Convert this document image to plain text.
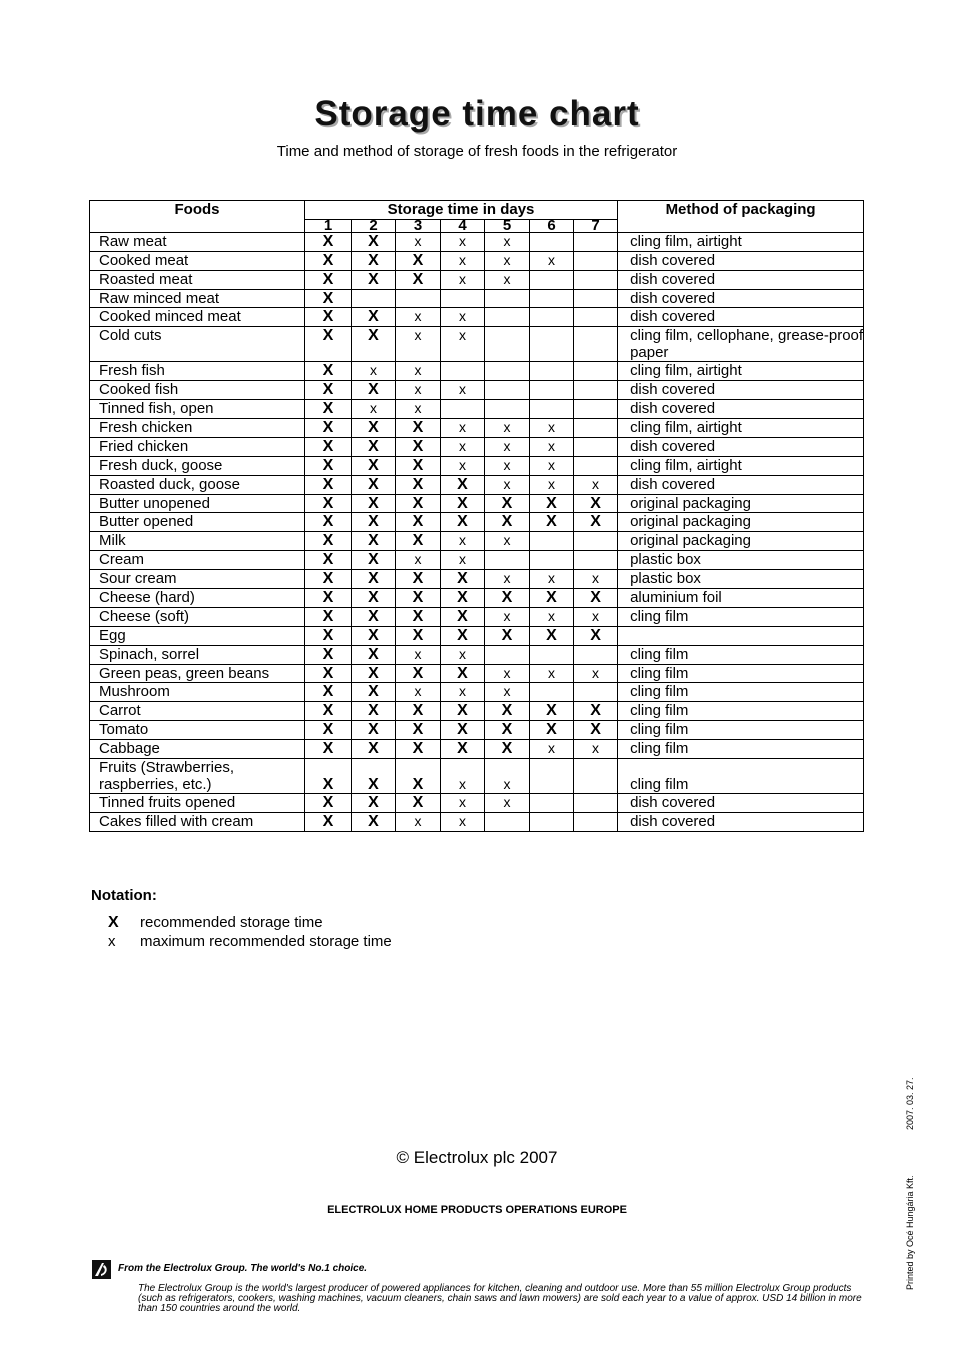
Storage time chart
Time and method of storage of fresh foods in the refrigerator
Foods	Storage time in days							Method of packaging
	1	2	3	4	5	6	7	
Raw meat	X	X	x	x	x			cling film, airtight
Cooked meat	X	X	X	x	x	x		dish covered
Roasted meat	X	X	X	x	x			dish covered
Raw minced meat	X							dish covered
Cooked minced meat	X	X	x	x				dish covered
Cold cuts	X	X	x	x				cling film, cellophane, grease-proof paper
Fresh fish	X	x	x					cling film, airtight
Cooked fish	X	X	x	x				dish covered
Tinned fish, open	X	x	x					dish covered
Fresh chicken	X	X	X	x	x	x		cling film, airtight
Fried chicken	X	X	X	x	x	x		dish covered
Fresh duck, goose	X	X	X	x	x	x		cling film, airtight
Roasted duck, goose	X	X	X	X	x	x	x	dish covered
Butter unopened	X	X	X	X	X	X	X	original packaging
Butter opened	X	X	X	X	X	X	X	original packaging
Milk	X	X	X	x	x			original packaging
Cream	X	X	x	x				plastic box
Sour cream	X	X	X	X	x	x	x	plastic box
Cheese (hard)	X	X	X	X	X	X	X	aluminium foil
Cheese (soft)	X	X	X	X	x	x	x	cling film
Egg	X	X	X	X	X	X	X	
Spinach, sorrel	X	X	x	x				cling film
Green peas, green beans	X	X	X	X	x	x	x	cling film
Mushroom	X	X	x	x	x			cling film
Carrot	X	X	X	X	X	X	X	cling film
Tomato	X	X	X	X	X	X	X	cling film
Cabbage	X	X	X	X	X	x	x	cling film
Fruits (Strawberries, raspberries, etc.)	X	X	X	x	x			cling film
Tinned fruits opened	X	X	X	x	x			dish covered
Cakes filled with cream	X	X	x	x				dish covered
Notation:
X recommended storage time
x maximum recommended storage time
© Electrolux plc 2007
ELECTROLUX HOME PRODUCTS OPERATIONS EUROPE
From the Electrolux Group. The world's No.1 choice.
The Electrolux Group is the world's largest producer of powered appliances for kitchen, cleaning and outdoor use. More than 55 million Electrolux Group products (such as refrigerators, cookers, washing machines, vacuum cleaners, chain saws and lawn mowers) are sold each year to a value of approx. USD 14 billion in more than 150 countries around the world.
Printed by Océ Hungária Kft.
2007. 03. 27.
